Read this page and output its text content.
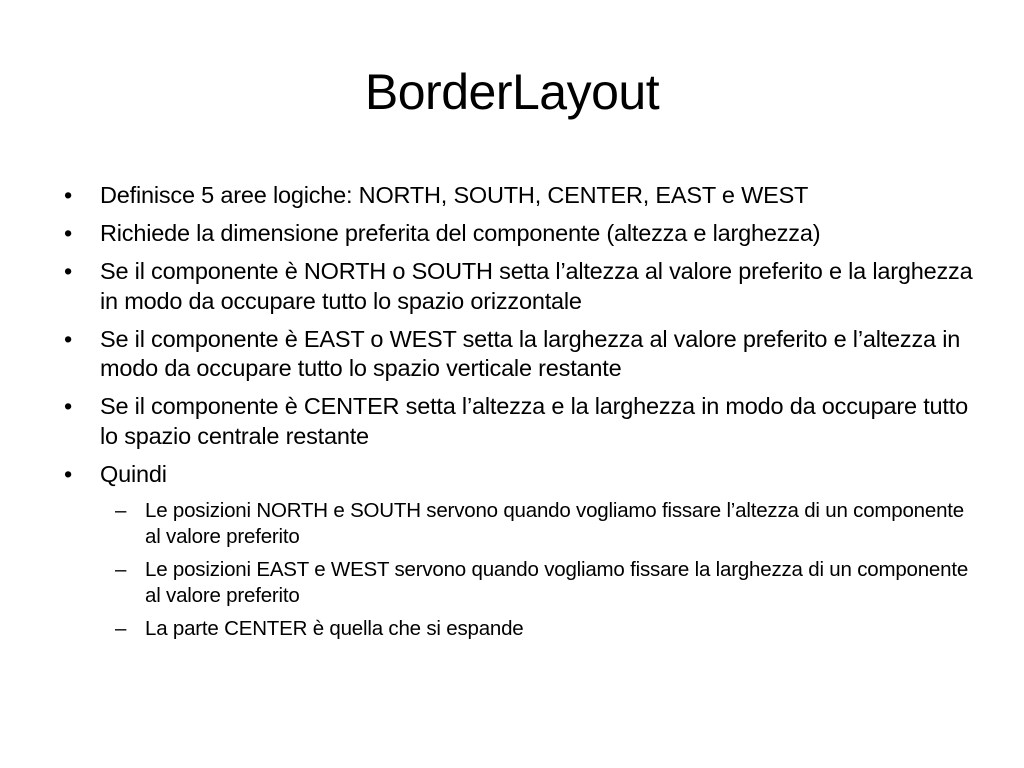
BorderLayout
• Definisce 5 aree logiche: NORTH, SOUTH, CENTER, EAST e WEST
• Richiede la dimensione preferita del componente (altezza e larghezza)
• Se il componente è NORTH o SOUTH setta l’altezza al valore preferito e la larghezza in modo da occupare tutto lo spazio orizzontale
• Se il componente è EAST o WEST setta la larghezza al valore preferito e l’altezza in modo da occupare tutto lo spazio verticale restante
• Se il componente è CENTER setta l’altezza e la larghezza in modo da occupare tutto lo spazio centrale restante
• Quindi
– Le posizioni NORTH e SOUTH servono quando vogliamo fissare l’altezza di un componente al valore preferito
– Le posizioni EAST e WEST servono quando vogliamo fissare la larghezza di un componente al valore preferito
– La parte CENTER è quella che si espande
